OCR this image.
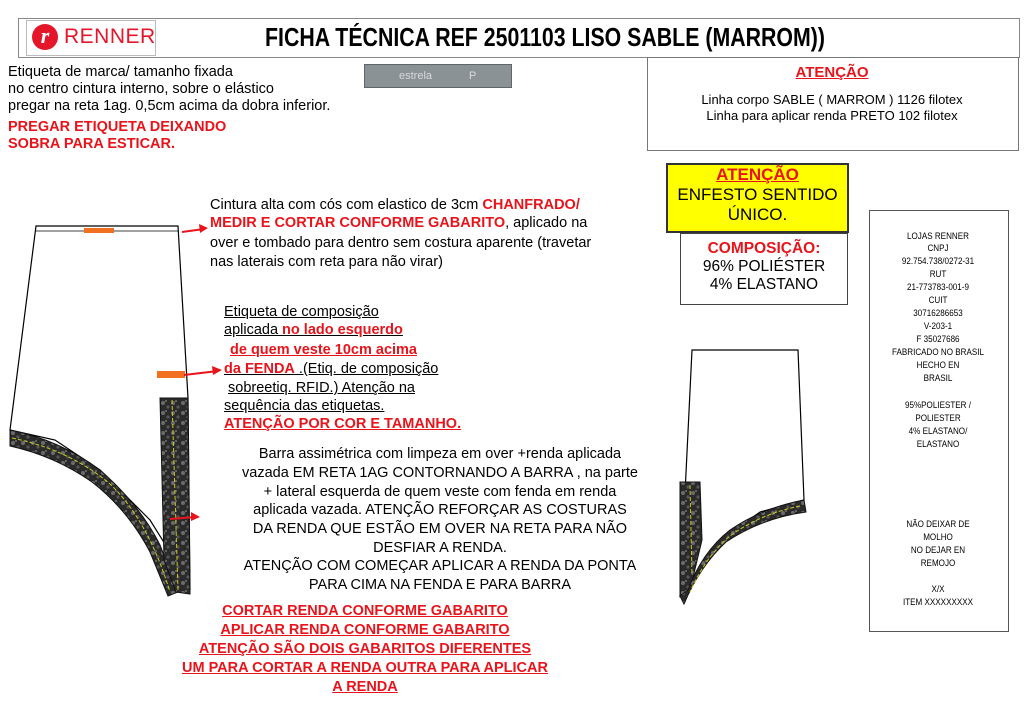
r RENNER	FICHA TÉCNICA REF 2501103 LISO SABLE (MARROM))
Etiqueta de marca/ tamanho fixada
no centro cintura interno, sobre o elástico
pregar na reta 1ag. 0,5cm acima da dobra inferior.
PREGAR ETIQUETA DEIXANDO
SOBRA PARA ESTICAR.
estrela	P	ATENÇÃO
Linha corpo SABLE ( MARROM ) 1126 filotex
Linha para aplicar renda PRETO 102 filotex
ATENÇÃO
ENFESTO SENTIDO
ÚNICO.
COMPOSIÇÃO:
96% POLIÉSTER
4% ELASTANO
Cintura alta com cós com elastico de 3cm CHANFRADO/
MEDIR E CORTAR CONFORME GABARITO, aplicado na
over e tombado para dentro sem costura aparente (travetar
nas laterais com reta para não virar)
Etiqueta de composição
aplicada no lado esquerdo
de quem veste 10cm acima
da FENDA .(Etiq. de composição
sobreetiq. RFID.) Atenção na
sequência das etiquetas.
ATENÇÃO POR COR E TAMANHO.
Barra assimétrica com limpeza em over +renda aplicada
vazada EM RETA 1AG CONTORNANDO A BARRA , na parte
+ lateral esquerda de quem veste com fenda em renda
aplicada vazada. ATENÇÃO REFORÇAR AS COSTURAS
DA RENDA QUE ESTÃO EM OVER NA RETA PARA NÃO
DESFIAR A RENDA.
ATENÇÃO COM COMEÇAR APLICAR A RENDA DA PONTA
PARA CIMA NA FENDA E PARA BARRA
CORTAR RENDA CONFORME GABARITO
APLICAR RENDA CONFORME GABARITO
ATENÇÃO SÃO DOIS GABARITOS DIFERENTES
UM PARA CORTAR A RENDA OUTRA PARA APLICAR
A RENDA
LOJAS RENNER
CNPJ
92.754.738/0272-31
RUT
21-773783-001-9
CUIT
30716286653
V-203-1
F 35027686
FABRICADO NO BRASIL
HECHO EN
BRASIL
95%POLIESTER /
POLIESTER
4% ELASTANO/
ELASTANO
NÃO DEIXAR DE
MOLHO
NO DEJAR EN
REMOJO
X/X
ITEM XXXXXXXXX
